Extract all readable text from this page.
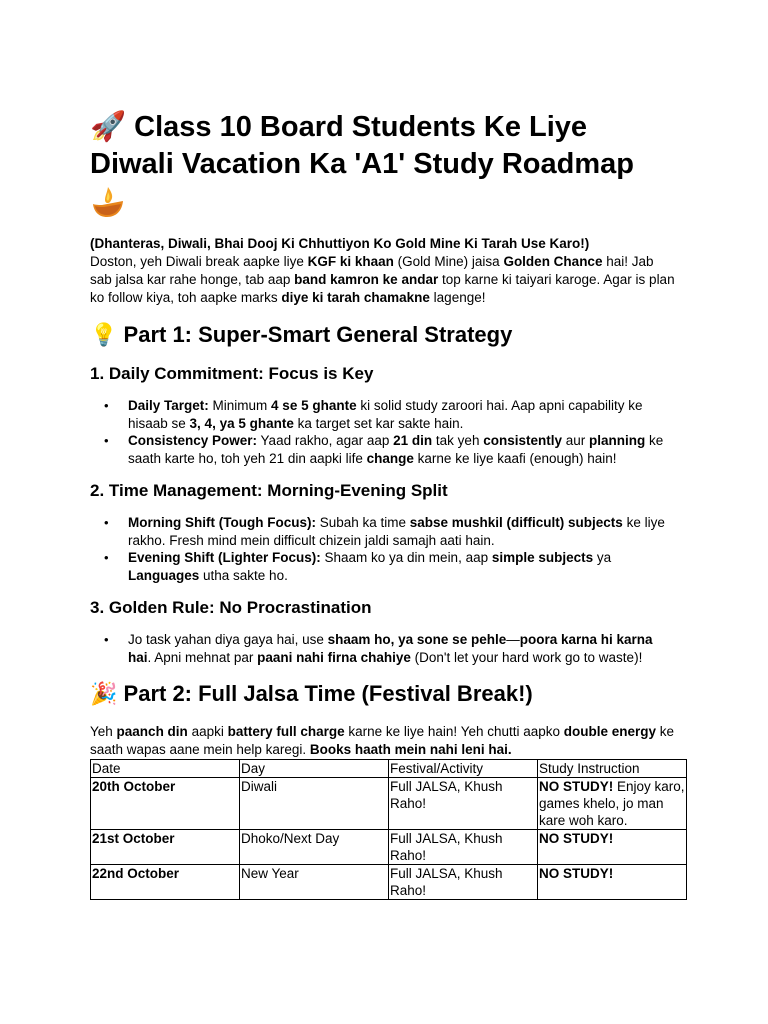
🚀 Class 10 Board Students Ke Liye
Diwali Vacation Ka 'A1' Study Roadmap

(Dhanteras, Diwali, Bhai Dooj Ki Chhuttiyon Ko Gold Mine Ki Tarah Use Karo!)

Doston, yeh Diwali break aapke liye KGF ki khaan (Gold Mine) jaisa Golden Chance hai! Jab sab jalsa kar rahe honge, tab aap band kamron ke andar top karne ki taiyari karoge. Agar is plan ko follow kiya, toh aapke marks diye ki tarah chamakne lagenge!

💡 Part 1: Super-Smart General Strategy
1. Daily Commitment: Focus is Key
• Daily Target: Minimum 4 se 5 ghante ki solid study zaroori hai. Aap apni capability ke hisaab se 3, 4, ya 5 ghante ka target set kar sakte hain.
• Consistency Power: Yaad rakho, agar aap 21 din tak yeh consistently aur planning ke saath karte ho, toh yeh 21 din aapki life change karne ke liye kaafi (enough) hain!
2. Time Management: Morning-Evening Split
• Morning Shift (Tough Focus): Subah ka time sabse mushkil (difficult) subjects ke liye rakho. Fresh mind mein difficult chizein jaldi samajh aati hain.
• Evening Shift (Lighter Focus): Shaam ko ya din mein, aap simple subjects ya Languages utha sakte ho.
3. Golden Rule: No Procrastination
• Jo task yahan diya gaya hai, use shaam ho, ya sone se pehle—poora karna hi karna hai. Apni mehnat par paani nahi firna chahiye (Don't let your hard work go to waste)!
🎉 Part 2: Full Jalsa Time (Festival Break!)

Yeh paanch din aapki battery full charge karne ke liye hain! Yeh chutti aapko double energy ke saath wapas aane mein help karegi. Books haath mein nahi leni hai.

Date	Day	Festival/Activity	Study Instruction
20th October	Diwali	Full JALSA, Khush Raho!	NO STUDY! Enjoy karo, games khelo, jo man kare woh karo.
21st October	Dhoko/Next Day	Full JALSA, Khush Raho!	NO STUDY!
22nd October	New Year	Full JALSA, Khush Raho!	NO STUDY!
